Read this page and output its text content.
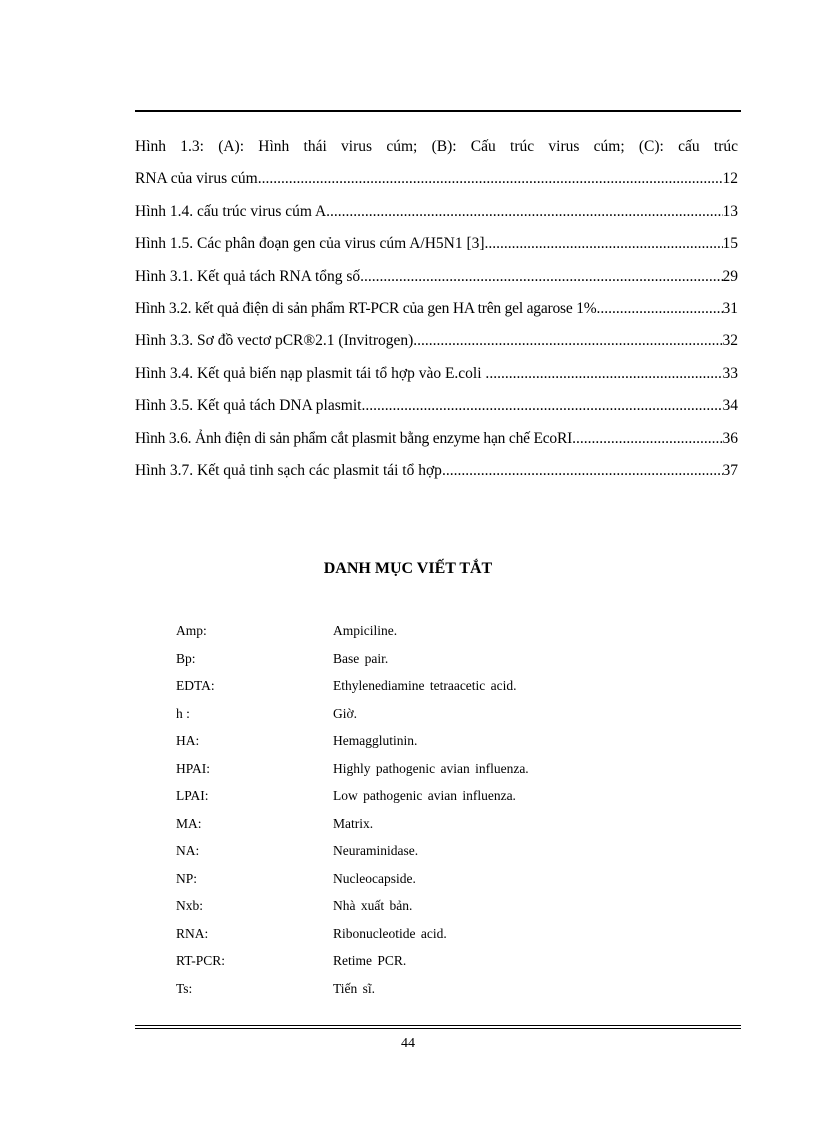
Hình 1.3: (A): Hình thái virus cúm; (B): Cấu trúc virus cúm; (C): cấu trúc
RNA của virus cúm. .....	12
Hình 1.4. cấu trúc virus cúm A .....	13
Hình 1.5. Các phân đoạn gen của virus cúm A/H5N1 [3]. .....	15
Hình 3.1. Kết quả tách RNA tổng số .....	29
Hình 3.2. kết quả điện di sản phẩm RT-PCR của gen HA trên gel agarose 1% .....	31
Hình 3.3. Sơ đồ vectơ pCR®2.1 (Invitrogen) .....	32
Hình 3.4. Kết quả biến nạp plasmit tái tổ hợp vào E.coli . .....	33
Hình 3.5. Kết quả tách DNA plasmit .....	34
Hình 3.6. Ảnh điện di sản phẩm cắt plasmit bằng enzyme hạn chế EcoRI .....	36
Hình 3.7. Kết quả tinh sạch các plasmit tái tổ hợp .....	37
DANH MỤC VIẾT TẮT
Amp:	Ampiciline.
Bp:	Base pair.
EDTA:	Ethylenediamine tetraacetic acid.
h :	Giờ.
HA:	Hemagglutinin.
HPAI:	Highly pathogenic avian influenza.
LPAI:	Low pathogenic avian influenza.
MA:	Matrix.
NA:	Neuraminidase.
NP:	Nucleocapside.
Nxb:	Nhà xuất bản.
RNA:	Ribonucleotide acid.
RT-PCR:	Retime PCR.
Ts:	Tiến sĩ.
44
